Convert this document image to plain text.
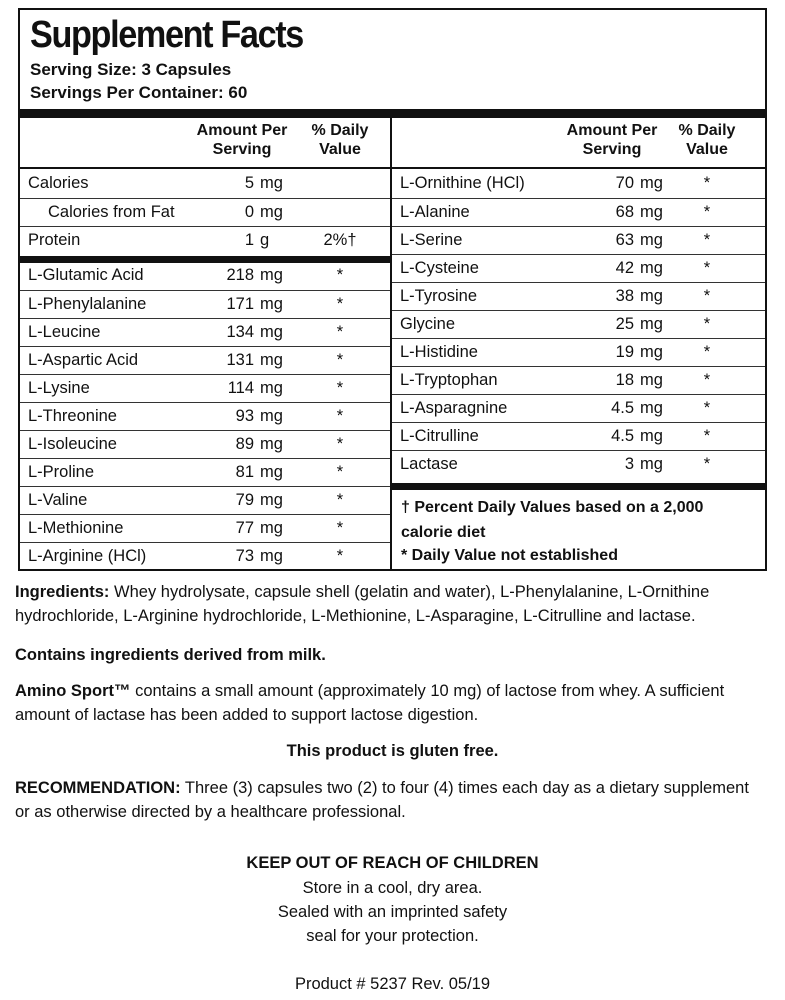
Supplement Facts
Serving Size: 3 Capsules
Servings Per Container: 60
Amount Per
Serving
% Daily
Value
Amount Per
Serving
% Daily
Value
Calories	5 mg
Calories from Fat	0 mg
Protein	1 g	2%†
L-Glutamic Acid	218 mg	*
L-Phenylalanine	171 mg	*
L-Leucine	134 mg	*
L-Aspartic Acid	131 mg	*
L-Lysine	114 mg	*
L-Threonine	93 mg	*
L-Isoleucine	89 mg	*
L-Proline	81 mg	*
L-Valine	79 mg	*
L-Methionine	77 mg	*
L-Arginine (HCl)	73 mg	*
L-Ornithine (HCl)	70 mg	*
L-Alanine	68 mg	*
L-Serine	63 mg	*
L-Cysteine	42 mg	*
L-Tyrosine	38 mg	*
Glycine	25 mg	*
L-Histidine	19 mg	*
L-Tryptophan	18 mg	*
L-Asparagnine	4.5 mg	*
L-Citrulline	4.5 mg	*
Lactase	3 mg	*
† Percent Daily Values based on a 2,000 calorie diet
* Daily Value not established
Ingredients: Whey hydrolysate, capsule shell (gelatin and water), L-Phenylalanine, L-Ornithine hydrochloride, L-Arginine hydrochloride, L-Methionine, L-Asparagine, L-Citrulline and lactase.
Contains ingredients derived from milk.
Amino Sport™ contains a small amount (approximately 10 mg) of lactose from whey. A sufficient amount of lactase has been added to support lactose digestion.
This product is gluten free.
RECOMMENDATION: Three (3) capsules two (2) to four (4) times each day as a dietary supplement or as otherwise directed by a healthcare professional.
KEEP OUT OF REACH OF CHILDREN
Store in a cool, dry area.
Sealed with an imprinted safety
seal for your protection.
Product # 5237 Rev. 05/19
